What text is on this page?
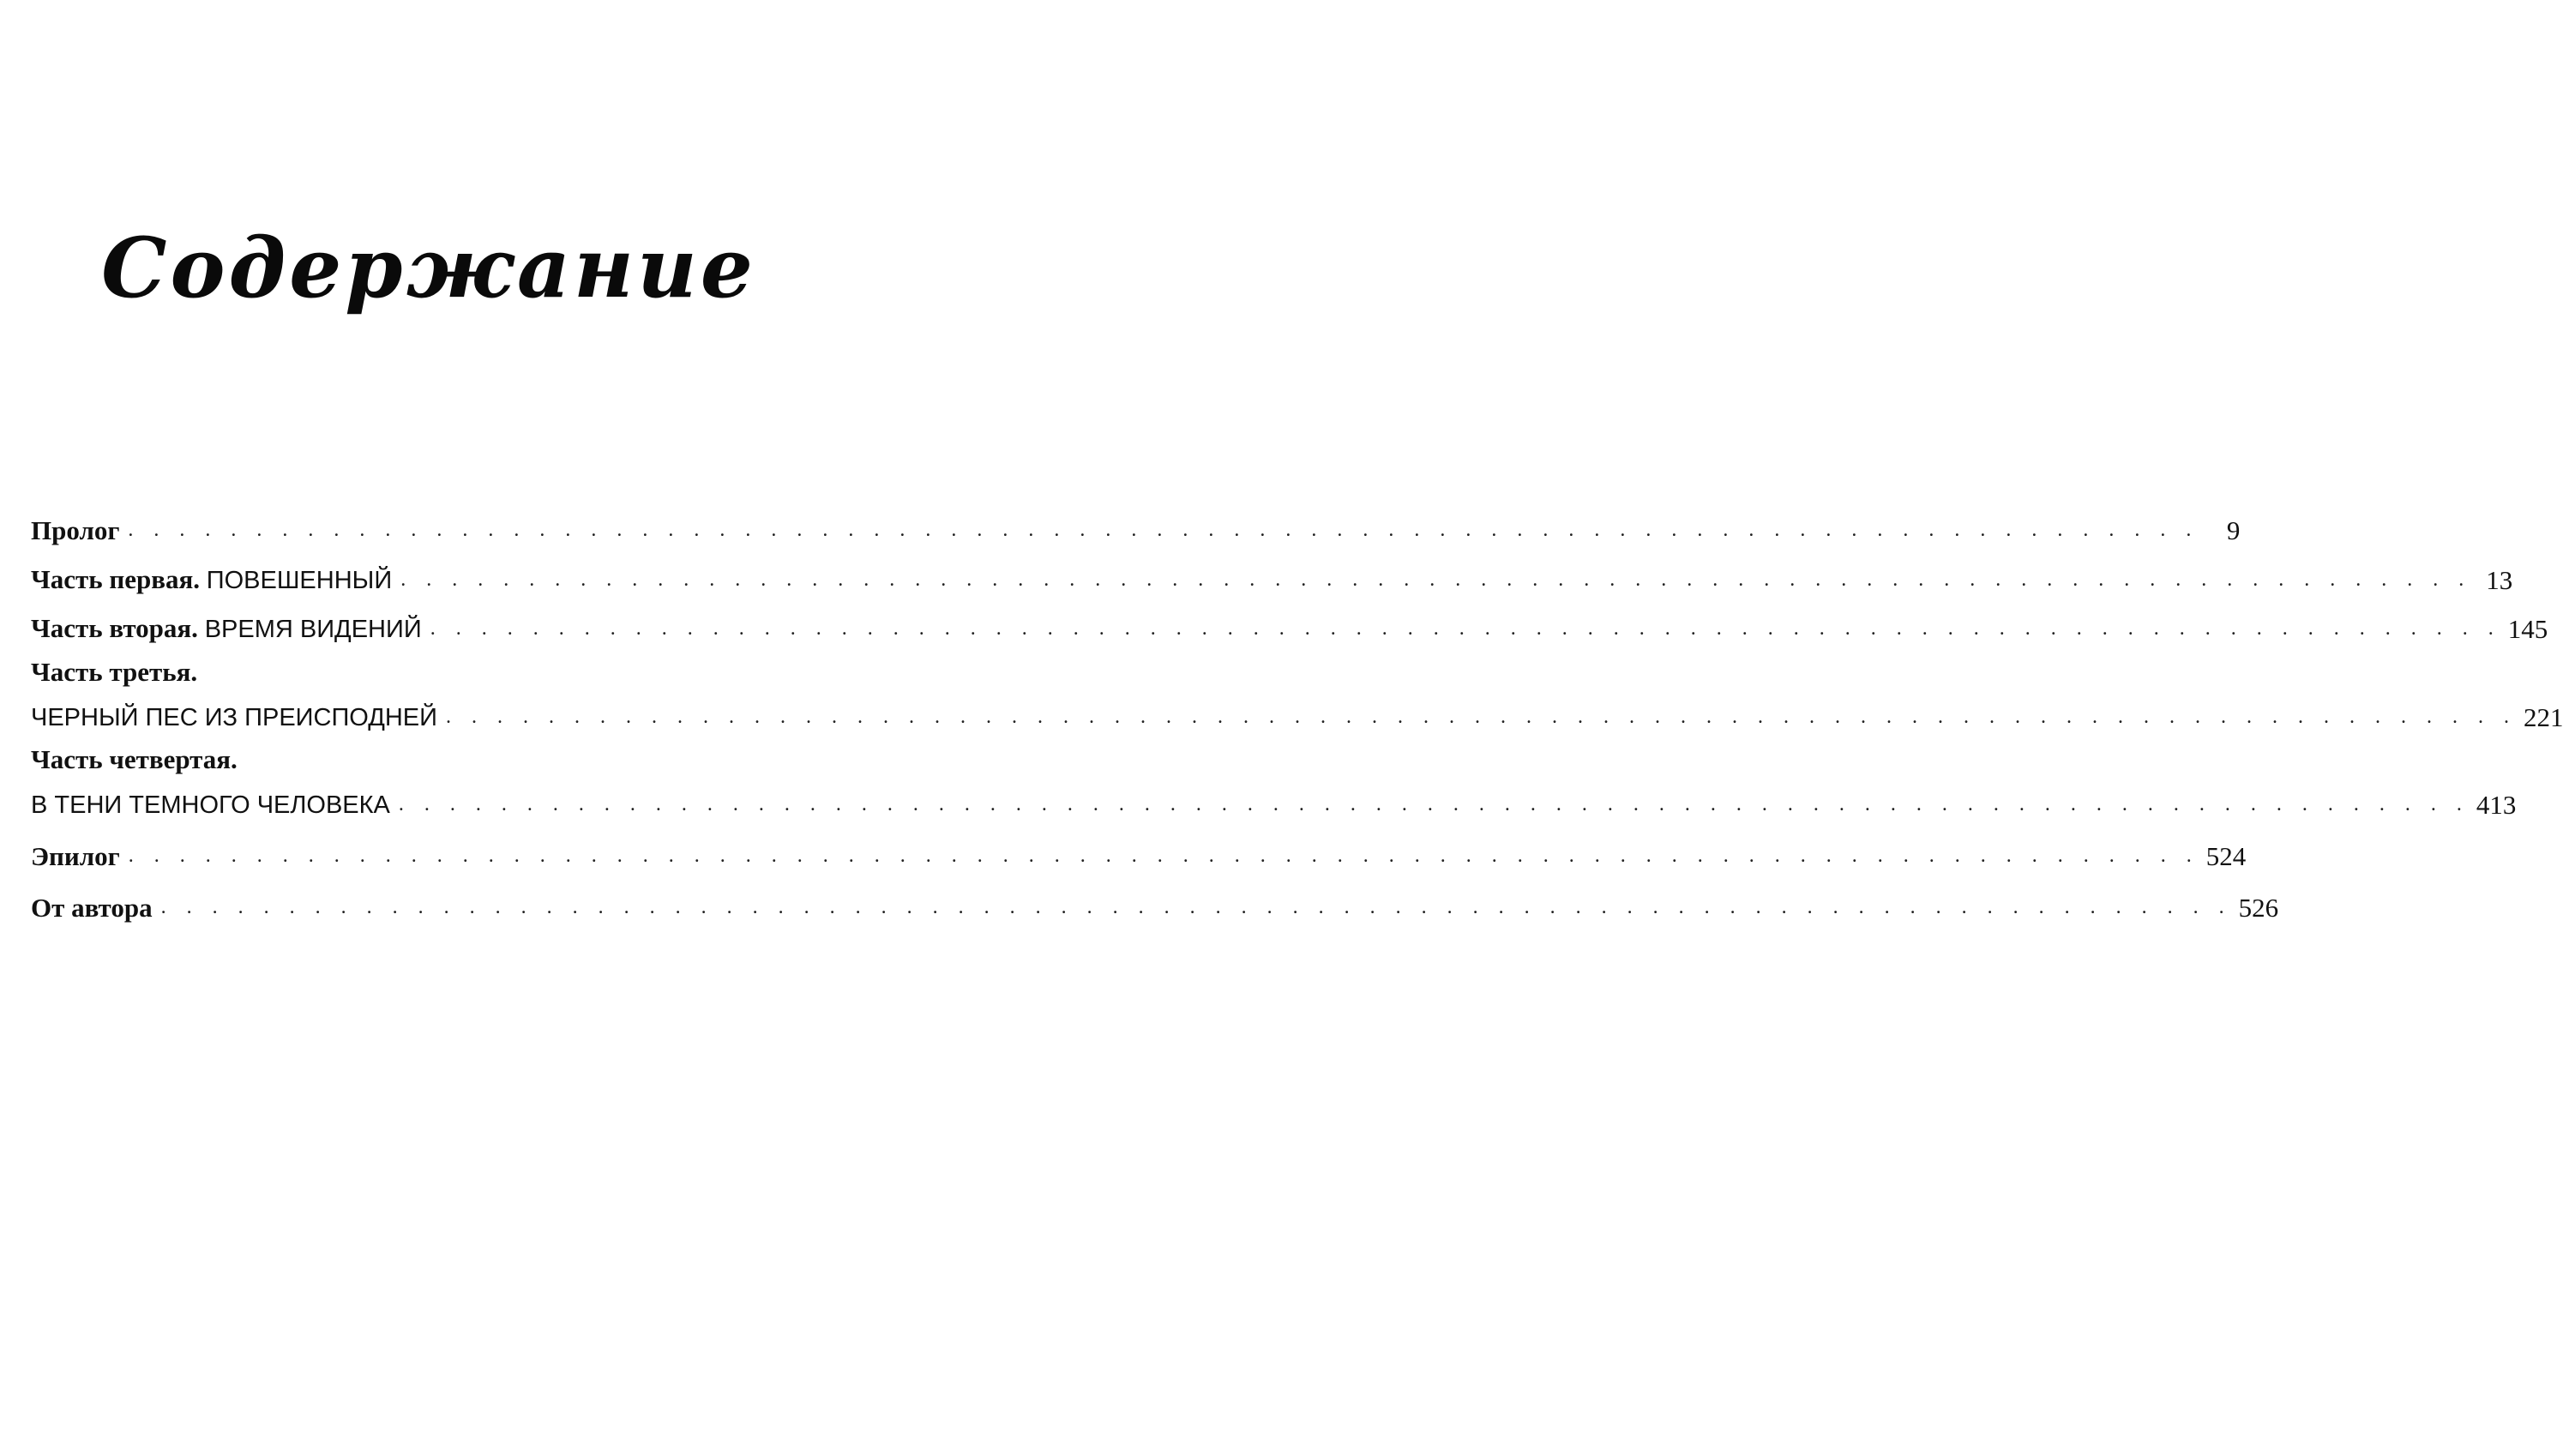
Содержание
Пролог . . . . . . . . . . . . . . . . . . . . . . . . . . . . . . . . . . . . . . . . . . . . . . . . . . . . . . . . . . . . . . . . . . . . . . . . . . . . . . . . .	9
Часть первая. ПОВЕШЕННЫЙ . . . . . . . . . . . . . . . . . . . . . . . . . . . . . . . . . . . . . . . . . . . . . . . . . . . . . . . . . . . . . . . . . . . . . . . . . . . . . . . . . 13
Часть вторая. ВРЕМЯ ВИДЕНИЙ . . . . . . . . . . . . . . . . . . . . . . . . . . . . . . . . . . . . . . . . . . . . . . . . . . . . . . . . . . . . . . . . . . . . . . . . . . . . . . . . . 145
Часть третья.
ЧЕРНЫЙ ПЕС ИЗ ПРЕИСПОДНЕЙ . . . . . . . . . . . . . . . . . . . . . . . . . . . . . . . . . . . . . . . . . . . . . . . . . . . . . . . . . . . . . . . . . . . . . . . . . . . . . . . . . 221
Часть четвертая.
В ТЕНИ ТЕМНОГО ЧЕЛОВЕКА . . . . . . . . . . . . . . . . . . . . . . . . . . . . . . . . . . . . . . . . . . . . . . . . . . . . . . . . . . . . . . . . . . . . . . . . . . . . . . . . . 413
Эпилог . . . . . . . . . . . . . . . . . . . . . . . . . . . . . . . . . . . . . . . . . . . . . . . . . . . . . . . . . . . . . . . . . . . . . . . . . . . . . . . . . 524
От автора . . . . . . . . . . . . . . . . . . . . . . . . . . . . . . . . . . . . . . . . . . . . . . . . . . . . . . . . . . . . . . . . . . . . . . . . . . . . . . . . . 526
